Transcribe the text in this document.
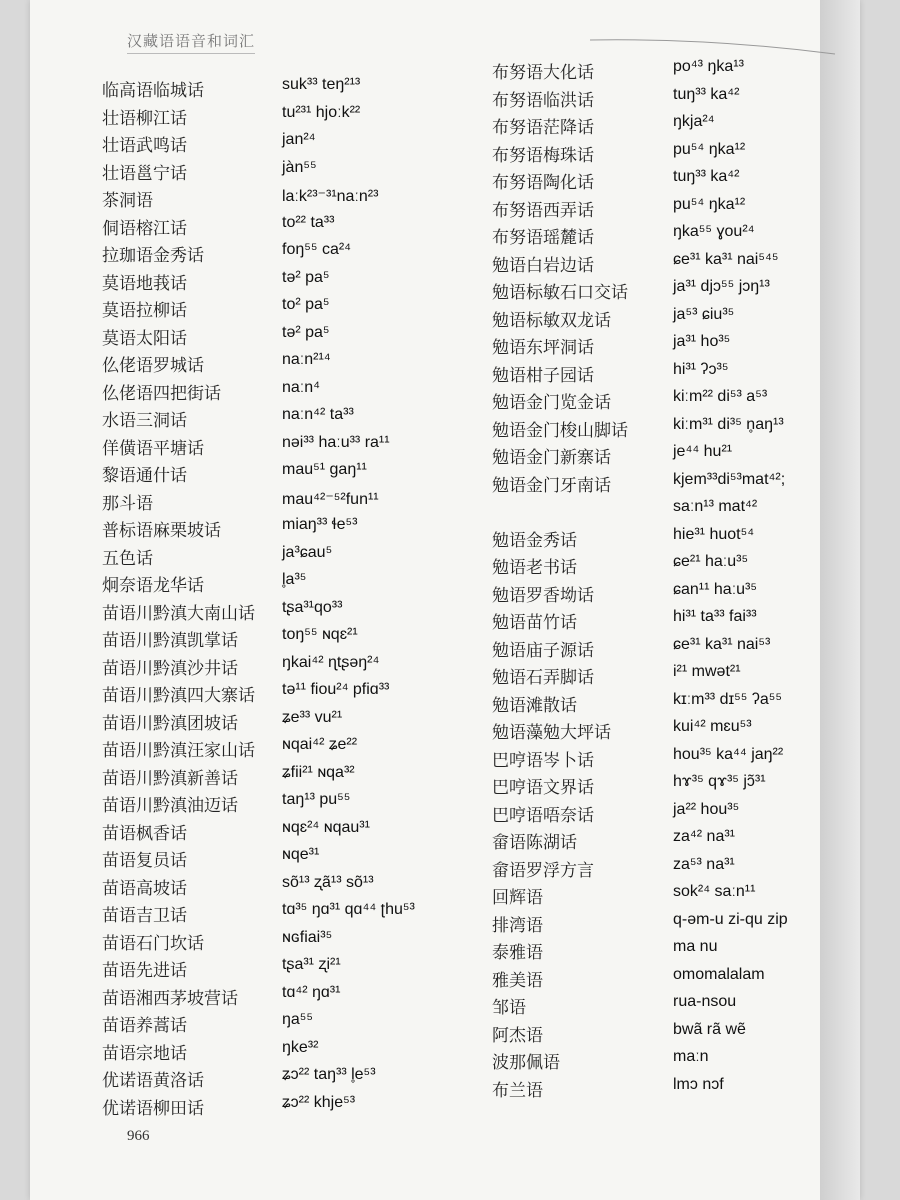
汉藏语语音和词汇
临高语临城话	suk³³ teŋ²¹³
壮语柳江话	tu²³¹ hjoːk²²
壮语武鸣话	jan²⁴
壮语邕宁话	jàn⁵⁵
茶洞语	laːk²³⁻³¹naːn²³
侗语榕江话	to²² ta³³
拉珈语金秀话	foŋ⁵⁵ ca²⁴
莫语地莪话	tə² pa⁵
莫语拉柳话	to² pa⁵
莫语太阳话	tə² pa⁵
仫佬语罗城话	naːn²¹⁴
仫佬语四把街话	naːn⁴
水语三洞话	naːn⁴² ta³³
佯僙语平塘话	nəi³³ haːu³³ ra¹¹
黎语通什话	mau⁵¹ gaŋ¹¹
那斗语	mau⁴²⁻⁵²fun¹¹
普标语麻栗坡话	miaŋ³³ ɬe⁵³
五色话	ja³ɕau⁵
炯奈语龙华话	l̥a³⁵
苗语川黔滇大南山话 tʂa³¹qo³³
苗语川黔滇凯掌话	toŋ⁵⁵ ɴqɛ²¹
苗语川黔滇沙井话	ŋkai⁴² ɳtʂəŋ²⁴
苗语川黔滇四大寨话 tə¹¹ fiou²⁴ pfiɑ³³
苗语川黔滇团坡话	ʑe³³ vu²¹
苗语川黔滇汪家山话 ɴqai⁴² ʑe²²
苗语川黔滇新善话	ʑfii²¹ ɴqa³²
苗语川黔滇油迈话	taŋ¹³ pu⁵⁵
苗语枫香话	ɴqɛ²⁴ ɴqau³¹
苗语复员话	ɴqe³¹
苗语高坡话	sõ¹³ ʐã¹³ sõ¹³
苗语吉卫话	tɑ³⁵ ŋɑ³¹ qɑ⁴⁴ ʈhu⁵³
苗语石门坎话	ɴɢfiai³⁵
苗语先进话	tʂa³¹ ʐi²¹
苗语湘西茅坡营话	tɑ⁴² ŋɑ³¹
苗语养蒿话	ŋa⁵⁵
苗语宗地话	ŋke³²
优诺语黄洛话	ʑɔ²² taŋ³³ l̥e⁵³
优诺语柳田话	ʑɔ²² khje⁵³
布努语大化话	po⁴³ ŋka¹³
布努语临洪话	tuŋ³³ ka⁴²
布努语茫降话	ŋkja²⁴
布努语梅珠话	pu⁵⁴ ŋka¹²
布努语陶化话	tuŋ³³ ka⁴²
布努语西弄话	pu⁵⁴ ŋka¹²
布努语瑶麓话	ŋka⁵⁵ ɣou²⁴
勉语白岩边话	ɕe³¹ ka³¹ nai⁵⁴⁵
勉语标敏石口交话	ja³¹ djɔ⁵⁵ jɔŋ¹³
勉语标敏双龙话	ja⁵³ ɕiu³⁵
勉语东坪洞话	ja³¹ ho³⁵
勉语柑子园话	hi³¹ ʔɔ³⁵
勉语金门览金话	kiːm²² di⁵³ a⁵³
勉语金门梭山脚话	kiːm³¹ di³⁵ n̥aŋ¹³
勉语金门新寨话	je⁴⁴ hu²¹
勉语金门牙南话	kjem³³di⁵³mat⁴²;
saːn¹³ mat⁴²
勉语金秀话	hie³¹ huot⁵⁴
勉语老书话	ɕe²¹ haːu³⁵
勉语罗香坳话	ɕan¹¹ haːu³⁵
勉语苗竹话	hi³¹ ta³³ fai³³
勉语庙子源话	ɕe³¹ ka³¹ nai⁵³
勉语石弄脚话	i²¹ mwət²¹
勉语滩散话	kɪːm³³ dɪ⁵⁵ ʔa⁵⁵
勉语藻勉大坪话	kui⁴² mɛu⁵³
巴哼语岑卜话	hou³⁵ ka⁴⁴ jaŋ²²
巴哼语文界话	hɤ³⁵ qɤ³⁵ jɔ̃³¹
巴哼语唔奈话	ja²² hou³⁵
畲语陈湖话	za⁴² na³¹
畲语罗浮方言	za⁵³ na³¹
回辉语	sok²⁴ saːn¹¹
排湾语	q-əm-u zi-qu zip
泰雅语	ma nu
雅美语	omomalalam
邹语	rua-nsou
阿杰语	bwã rã wẽ
波那佩语	maːn
布兰语	lmɔ nɔf
966
